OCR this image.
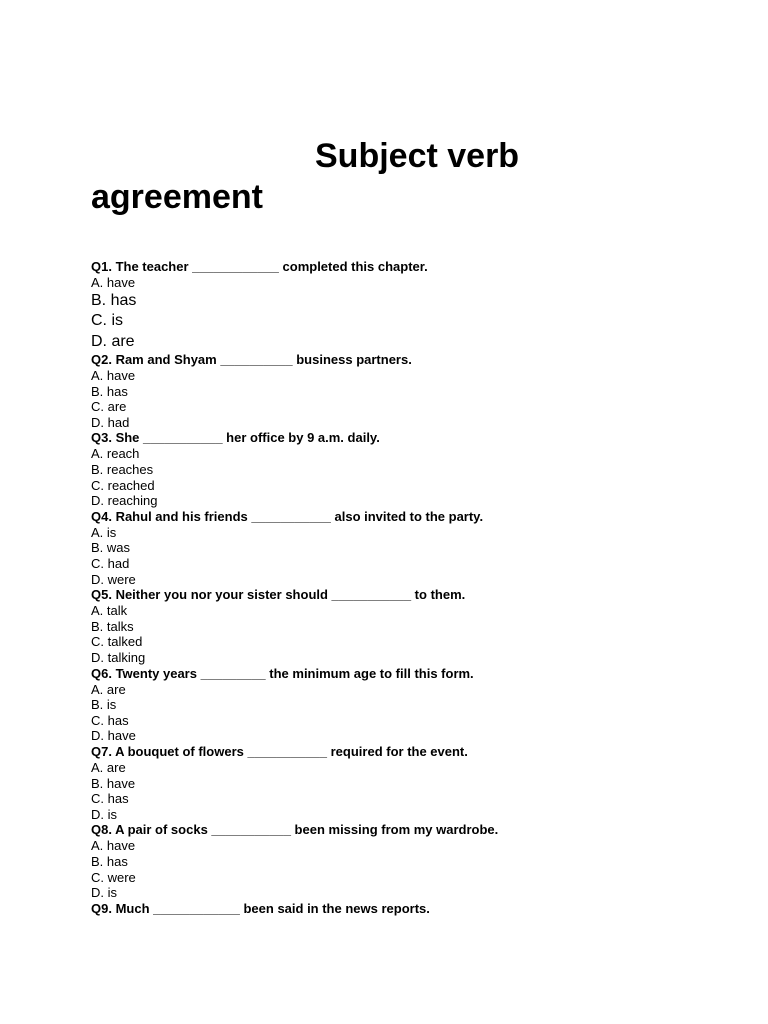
Subject verb
agreement

Q1. The teacher ____________ completed this chapter.

A. have

B. has

C. is

D. are

Q2. Ram and Shyam __________ business partners.

A. have

B. has

C. are

D. had

Q3. She ___________ her office by 9 a.m. daily.

A. reach

B. reaches

C. reached

D. reaching

Q4. Rahul and his friends ___________ also invited to the party.

A. is

B. was

C. had

D. were

Q5. Neither you nor your sister should ___________ to them.

A. talk

B. talks

C. talked

D. talking

Q6. Twenty years _________ the minimum age to fill this form.

A. are

B. is

C. has

D. have

Q7. A bouquet of flowers ___________ required for the event.

A. are

B. have

C. has

D. is

Q8. A pair of socks ___________ been missing from my wardrobe.

A. have

B. has

C. were

D. is

Q9. Much ____________ been said in the news reports.
